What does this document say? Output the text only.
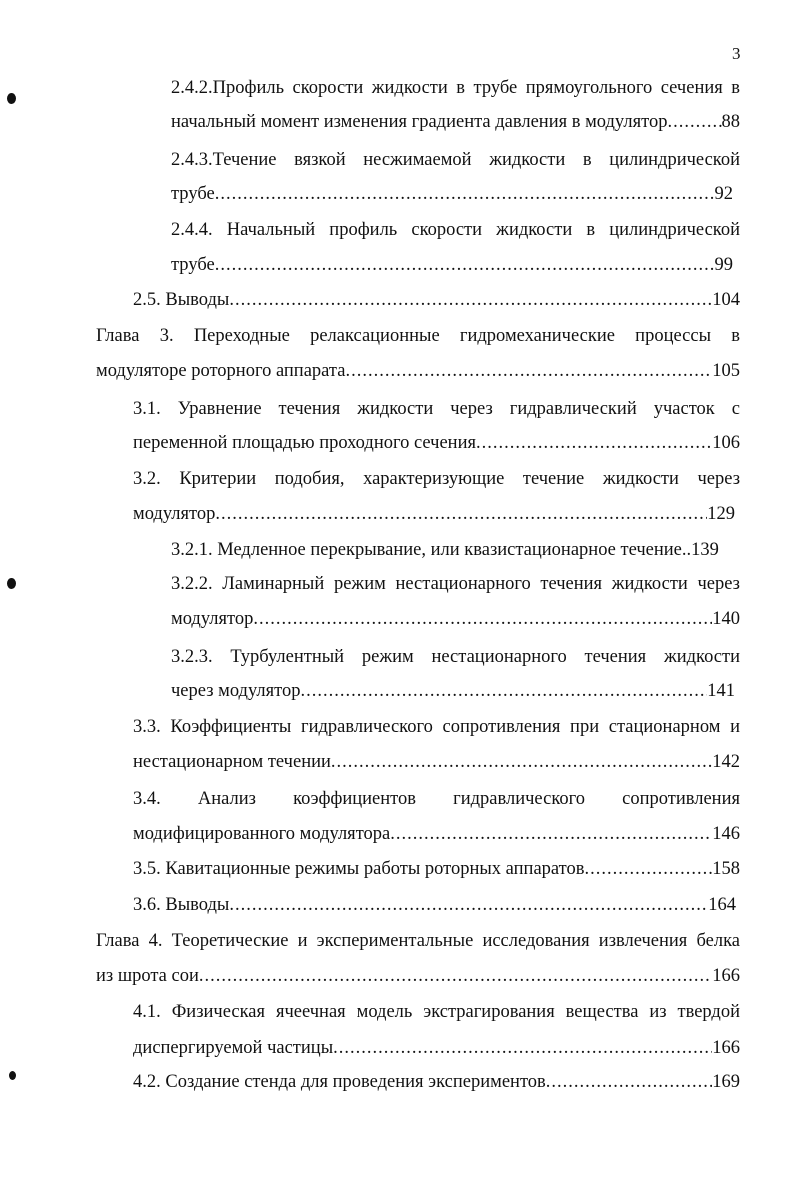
3
2.4.2.Профиль скорости жидкости в трубе прямоугольного сечения в
начальный момент изменения градиента давления в модулятор .....	88
2.4.3.Течение вязкой несжимаемой жидкости в цилиндрической
трубе .....	92
2.4.4. Начальный профиль скорости жидкости в цилиндрической
трубе .....	99
2.5. Выводы .....	104
Глава 3. Переходные релаксационные гидромеханические процессы в
модуляторе роторного аппарата .....	105
3.1. Уравнение течения жидкости через гидравлический участок с
переменной площадью проходного сечения .....	106
3.2. Критерии подобия, характеризующие течение жидкости через
модулятор .....	129
3.2.1. Медленное перекрывание, или квазистационарное течение.. 139
3.2.2. Ламинарный режим нестационарного течения жидкости через
модулятор .....	140
3.2.3. Турбулентный режим нестационарного течения жидкости
через модулятор .....	141
3.3. Коэффициенты гидравлического сопротивления при стационарном и
нестационарном течении .....	142
3.4. Анализ коэффициентов гидравлического сопротивления
модифицированного модулятора .....	146
3.5. Кавитационные режимы работы роторных аппаратов .....	158
3.6. Выводы .....	164
Глава 4. Теоретические и экспериментальные исследования извлечения белка
из шрота сои .....	166
4.1. Физическая ячеечная модель экстрагирования вещества из твердой
диспергируемой частицы .....	166
4.2. Создание стенда для проведения экспериментов .....	169
